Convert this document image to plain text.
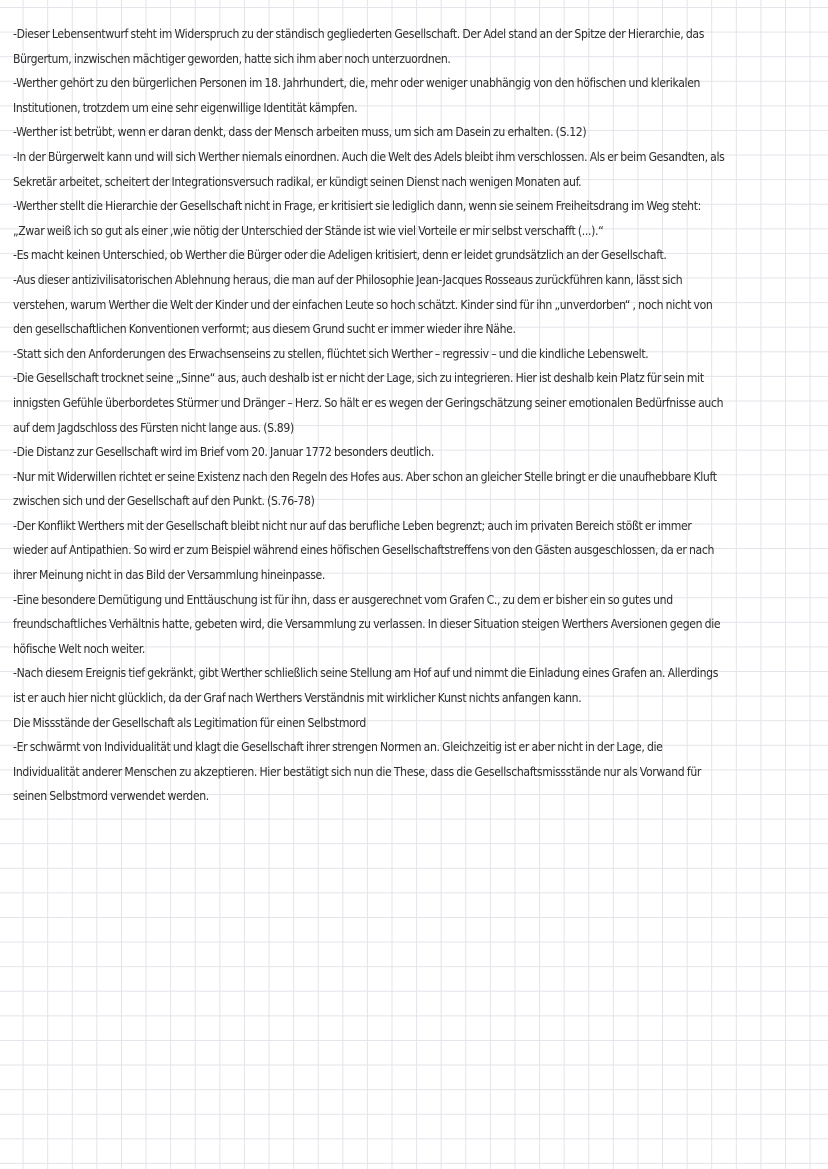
-Dieser Lebensentwurf steht im Widerspruch zu der ständisch gegliederten Gesellschaft. Der Adel stand an der Spitze der Hierarchie, das
Bürgertum, inzwischen mächtiger geworden, hatte sich ihm aber noch unterzuordnen.
-Werther gehört zu den bürgerlichen Personen im 18. Jahrhundert, die, mehr oder weniger unabhängig von den höfischen und klerikalen
Institutionen, trotzdem um eine sehr eigenwillige Identität kämpfen.
-Werther ist betrübt, wenn er daran denkt, dass der Mensch arbeiten muss, um sich am Dasein zu erhalten. (S.12)
-In der Bürgerwelt kann und will sich Werther niemals einordnen. Auch die Welt des Adels bleibt ihm verschlossen. Als er beim Gesandten, als
Sekretär arbeitet, scheitert der Integrationsversuch radikal, er kündigt seinen Dienst nach wenigen Monaten auf.
-Werther stellt die Hierarchie der Gesellschaft nicht in Frage, er kritisiert sie lediglich dann, wenn sie seinem Freiheitsdrang im Weg steht:
„Zwar weiß ich so gut als einer ‚wie nötig der Unterschied der Stände ist wie viel Vorteile er mir selbst verschafft (...).“
-Es macht keinen Unterschied, ob Werther die Bürger oder die Adeligen kritisiert, denn er leidet grundsätzlich an der Gesellschaft.
-Aus dieser antizivilisatorischen Ablehnung heraus, die man auf der Philosophie Jean-Jacques Rosseaus zurückführen kann, lässt sich
verstehen, warum Werther die Welt der Kinder und der einfachen Leute so hoch schätzt. Kinder sind für ihn „unverdorben“ , noch nicht von
den gesellschaftlichen Konventionen verformt; aus diesem Grund sucht er immer wieder ihre Nähe.
-Statt sich den Anforderungen des Erwachsenseins zu stellen, flüchtet sich Werther – regressiv – und die kindliche Lebenswelt.
-Die Gesellschaft trocknet seine „Sinne“ aus, auch deshalb ist er nicht der Lage, sich zu integrieren. Hier ist deshalb kein Platz für sein mit
innigsten Gefühle überbordetes Stürmer und Dränger – Herz. So hält er es wegen der Geringschätzung seiner emotionalen Bedürfnisse auch
auf dem Jagdschloss des Fürsten nicht lange aus. (S.89)
-Die Distanz zur Gesellschaft wird im Brief vom 20. Januar 1772 besonders deutlich.
-Nur mit Widerwillen richtet er seine Existenz nach den Regeln des Hofes aus. Aber schon an gleicher Stelle bringt er die unaufhebbare Kluft
zwischen sich und der Gesellschaft auf den Punkt. (S.76-78)
-Der Konflikt Werthers mit der Gesellschaft bleibt nicht nur auf das berufliche Leben begrenzt; auch im privaten Bereich stößt er immer
wieder auf Antipathien. So wird er zum Beispiel während eines höfischen Gesellschaftstreffens von den Gästen ausgeschlossen, da er nach
ihrer Meinung nicht in das Bild der Versammlung hineinpasse.
-Eine besondere Demütigung und Enttäuschung ist für ihn, dass er ausgerechnet vom Grafen C., zu dem er bisher ein so gutes und
freundschaftliches Verhältnis hatte, gebeten wird, die Versammlung zu verlassen. In dieser Situation steigen Werthers Aversionen gegen die
höfische Welt noch weiter.
-Nach diesem Ereignis tief gekränkt, gibt Werther schließlich seine Stellung am Hof auf und nimmt die Einladung eines Grafen an. Allerdings
ist er auch hier nicht glücklich, da der Graf nach Werthers Verständnis mit wirklicher Kunst nichts anfangen kann.
Die Missstände der Gesellschaft als Legitimation für einen Selbstmord
-Er schwärmt von Individualität und klagt die Gesellschaft ihrer strengen Normen an. Gleichzeitig ist er aber nicht in der Lage, die
Individualität anderer Menschen zu akzeptieren. Hier bestätigt sich nun die These, dass die Gesellschaftsmissstände nur als Vorwand für
seinen Selbstmord verwendet werden.
